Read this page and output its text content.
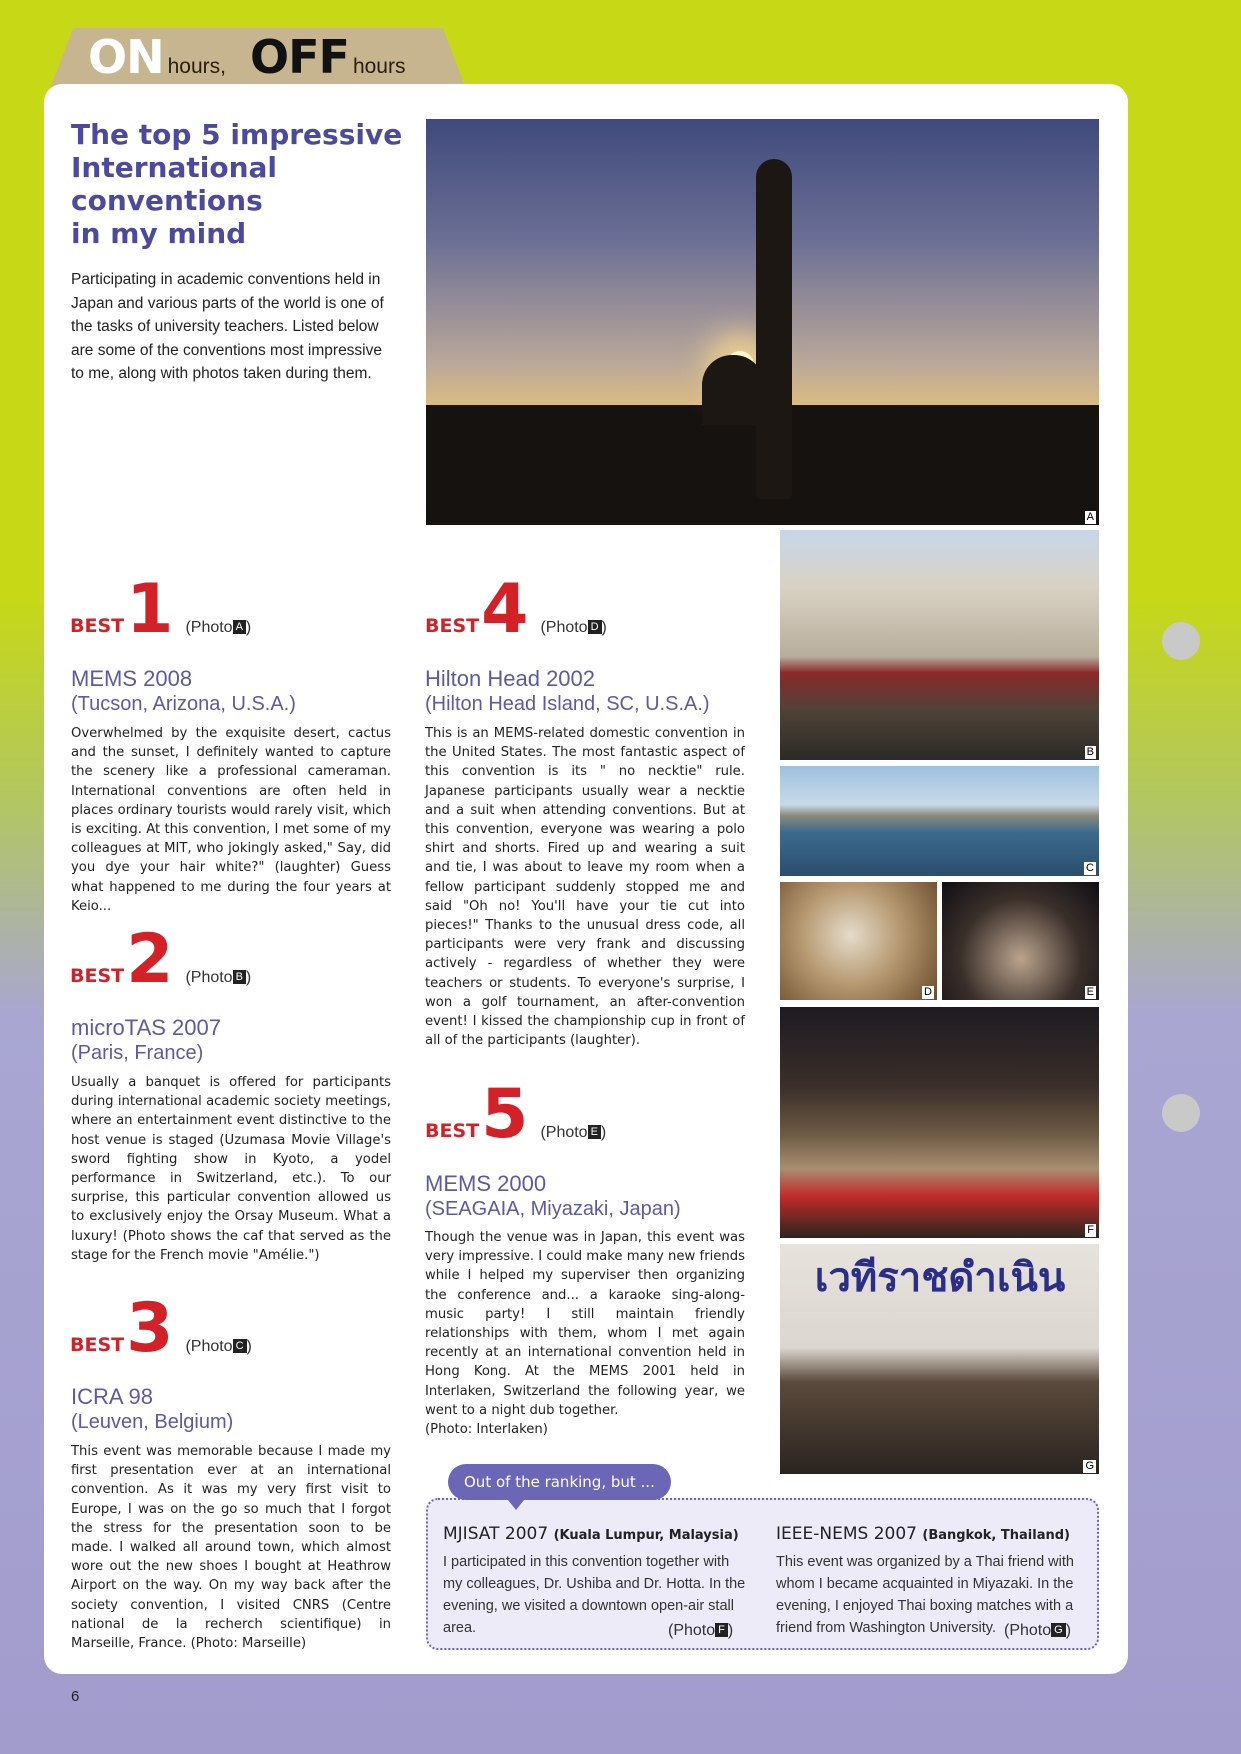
ON hours, OFF hours
The top 5 impressive
International
conventions
in my mind
Participating in academic conventions held in Japan and various parts of the world is one of the tasks of university teachers. Listed below are some of the conventions most impressive to me, along with photos taken during them.
A
B
C
D	E
F
เวทีราชดำเนิน
G
BEST1 (Photo A )
MEMS 2008
(Tucson, Arizona, U.S.A.)
Overwhelmed by the exquisite desert, cactus and the sunset, I definitely wanted to capture the scenery like a professional cameraman. International conventions are often held in places ordinary tourists would rarely visit, which is exciting. At this convention, I met some of my colleagues at MIT, who jokingly asked," Say, did you dye your hair white?" (laughter) Guess what happened to me during the four years at Keio...
BEST2 (Photo B )
microTAS 2007
(Paris, France)
Usually a banquet is offered for participants during international academic society meetings, where an entertainment event distinctive to the host venue is staged (Uzumasa Movie Village's sword fighting show in Kyoto, a yodel performance in Switzerland, etc.). To our surprise, this particular convention allowed us to exclusively enjoy the Orsay Museum. What a luxury! (Photo shows the caf that served as the stage for the French movie "Amélie.")
BEST3 (Photo C )
ICRA 98
(Leuven, Belgium)
This event was memorable because I made my first presentation ever at an international convention. As it was my very first visit to Europe, I was on the go so much that I forgot the stress for the presentation soon to be made. I walked all around town, which almost wore out the new shoes I bought at Heathrow Airport on the way. On my way back after the society convention, I visited CNRS (Centre national de la recherch scientifique) in Marseille, France. (Photo: Marseille)
BEST4 (Photo D )
Hilton Head 2002
(Hilton Head Island, SC, U.S.A.)
This is an MEMS-related domestic convention in the United States. The most fantastic aspect of this convention is its " no necktie" rule. Japanese participants usually wear a necktie and a suit when attending conventions. But at this convention, everyone was wearing a polo shirt and shorts. Fired up and wearing a suit and tie, I was about to leave my room when a fellow participant suddenly stopped me and said "Oh no! You'll have your tie cut into pieces!" Thanks to the unusual dress code, all participants were very frank and discussing actively - regardless of whether they were teachers or students. To everyone's surprise, I won a golf tournament, an after-convention event! I kissed the championship cup in front of all of the participants (laughter).
BEST5 (Photo E )
MEMS 2000
(SEAGAIA, Miyazaki, Japan)
Though the venue was in Japan, this event was very impressive. I could make many new friends while I helped my superviser then organizing the conference and... a karaoke sing-along-music party! I still maintain friendly relationships with them, whom I met again recently at an international convention held in Hong Kong. At the MEMS 2001 held in Interlaken, Switzerland the following year, we went to a night dub together.
(Photo: Interlaken)
Out of the ranking, but ...
MJISAT 2007 (Kuala Lumpur, Malaysia)
I participated in this convention together with my colleagues, Dr. Ushiba and Dr. Hotta. In the evening, we visited a downtown open-air stall area.	(Photo F )
IEEE-NEMS 2007 (Bangkok, Thailand)
This event was organized by a Thai friend with whom I became acquainted in Miyazaki. In the evening, I enjoyed Thai boxing matches with a friend from Washington University. (Photo G )
6
